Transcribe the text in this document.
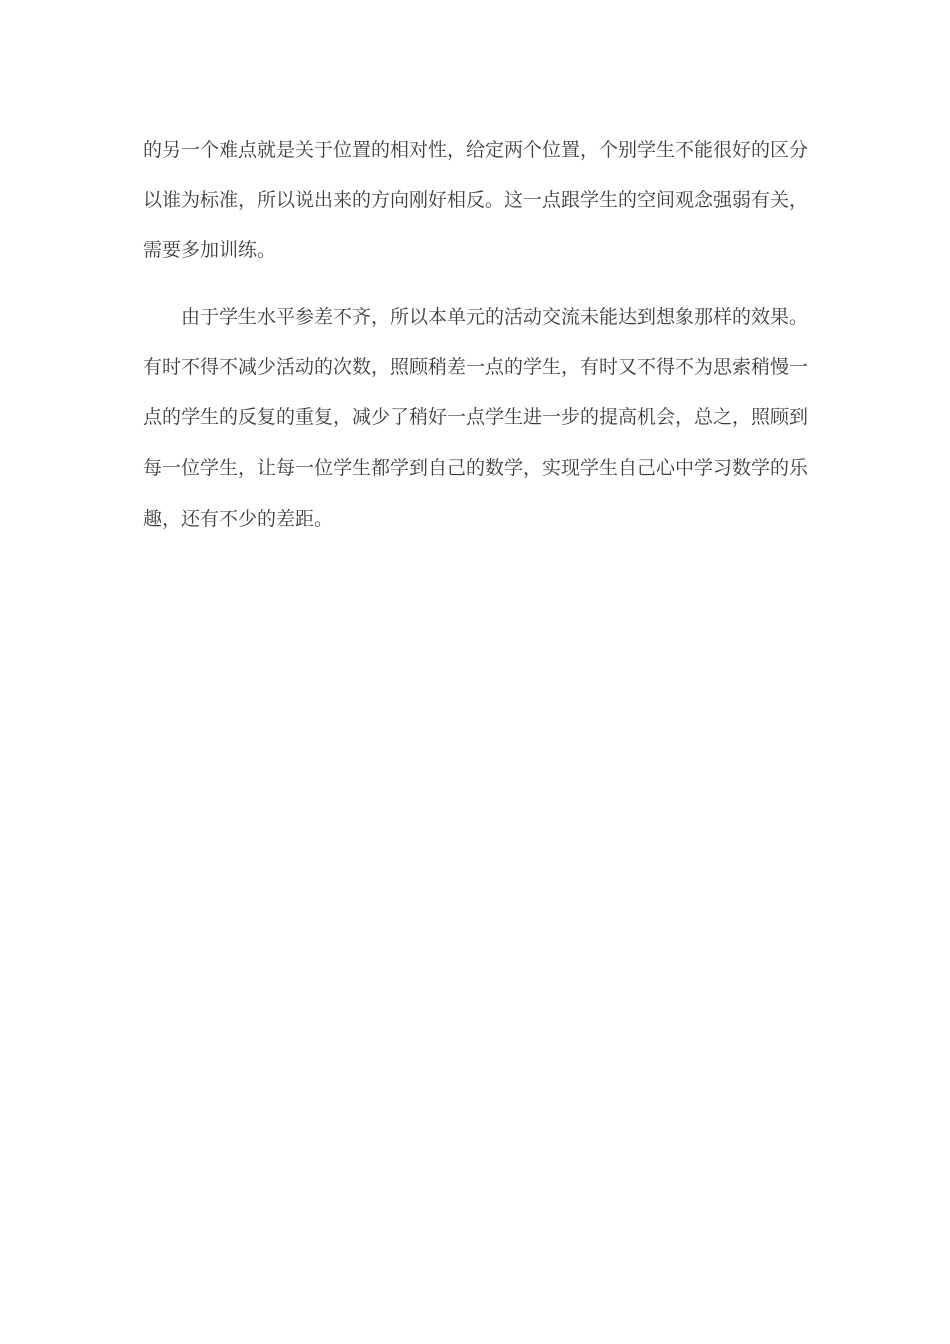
的另一个难点就是关于位置的相对性，给定两个位置，个别学生不能很好的区分
以谁为标准，所以说出来的方向刚好相反。这一点跟学生的空间观念强弱有关，
需要多加训练。
由于学生水平参差不齐，所以本单元的活动交流未能达到想象那样的效果。
有时不得不减少活动的次数，照顾稍差一点的学生，有时又不得不为思索稍慢一
点的学生的反复的重复，减少了稍好一点学生进一步的提高机会，总之，照顾到
每一位学生，让每一位学生都学到自己的数学，实现学生自己心中学习数学的乐
趣，还有不少的差距。
